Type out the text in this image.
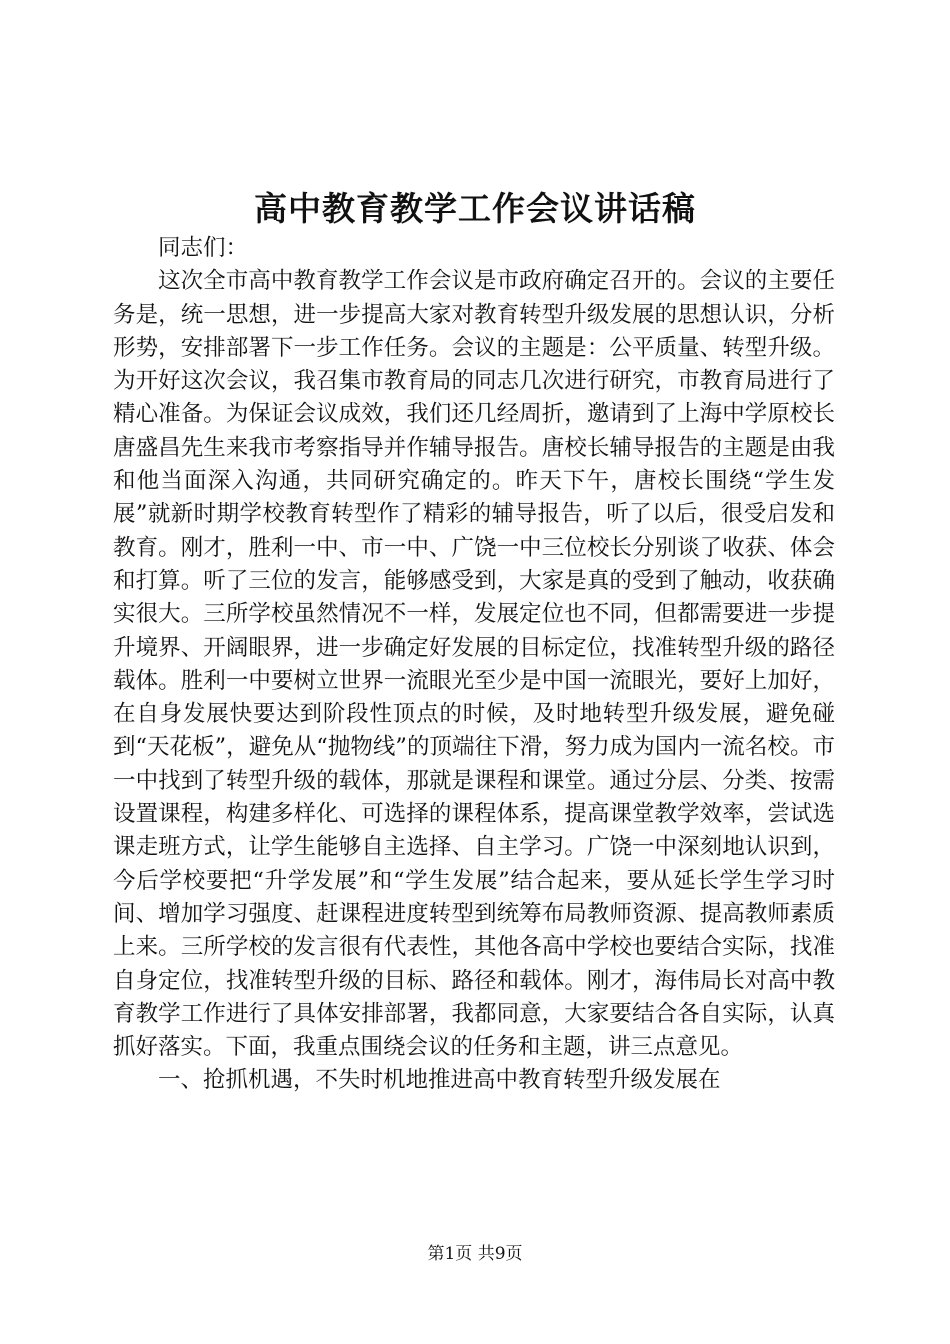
高中教育教学工作会议讲话稿

同志们：

这次全市高中教育教学工作会议是市政府确定召开的。会议的主要任务是，统一思想，进一步提高大家对教育转型升级发展的思想认识，分析形势，安排部署下一步工作任务。会议的主题是：公平质量、转型升级。为开好这次会议，我召集市教育局的同志几次进行研究，市教育局进行了精心准备。为保证会议成效，我们还几经周折，邀请到了上海中学原校长唐盛昌先生来我市考察指导并作辅导报告。唐校长辅导报告的主题是由我和他当面深入沟通，共同研究确定的。昨天下午，唐校长围绕“学生发展”就新时期学校教育转型作了精彩的辅导报告，听了以后，很受启发和教育。刚才，胜利一中、市一中、广饶一中三位校长分别谈了收获、体会和打算。听了三位的发言，能够感受到，大家是真的受到了触动，收获确实很大。三所学校虽然情况不一样，发展定位也不同，但都需要进一步提升境界、开阔眼界，进一步确定好发展的目标定位，找准转型升级的路径载体。胜利一中要树立世界一流眼光至少是中国一流眼光，要好上加好，在自身发展快要达到阶段性顶点的时候，及时地转型升级发展，避免碰到“天花板”，避免从“抛物线”的顶端往下滑，努力成为国内一流名校。市一中找到了转型升级的载体，那就是课程和课堂。通过分层、分类、按需设置课程，构建多样化、可选择的课程体系，提高课堂教学效率，尝试选课走班方式，让学生能够自主选择、自主学习。广饶一中深刻地认识到，今后学校要把“升学发展”和“学生发展”结合起来，要从延长学生学习时间、增加学习强度、赶课程进度转型到统筹布局教师资源、提高教师素质上来。三所学校的发言很有代表性，其他各高中学校也要结合实际，找准自身定位，找准转型升级的目标、路径和载体。刚才，海伟局长对高中教育教学工作进行了具体安排部署，我都同意，大家要结合各自实际，认真抓好落实。下面，我重点围绕会议的任务和主题，讲三点意见。

一、抢抓机遇，不失时机地推进高中教育转型升级发展在

第1页 共9页
